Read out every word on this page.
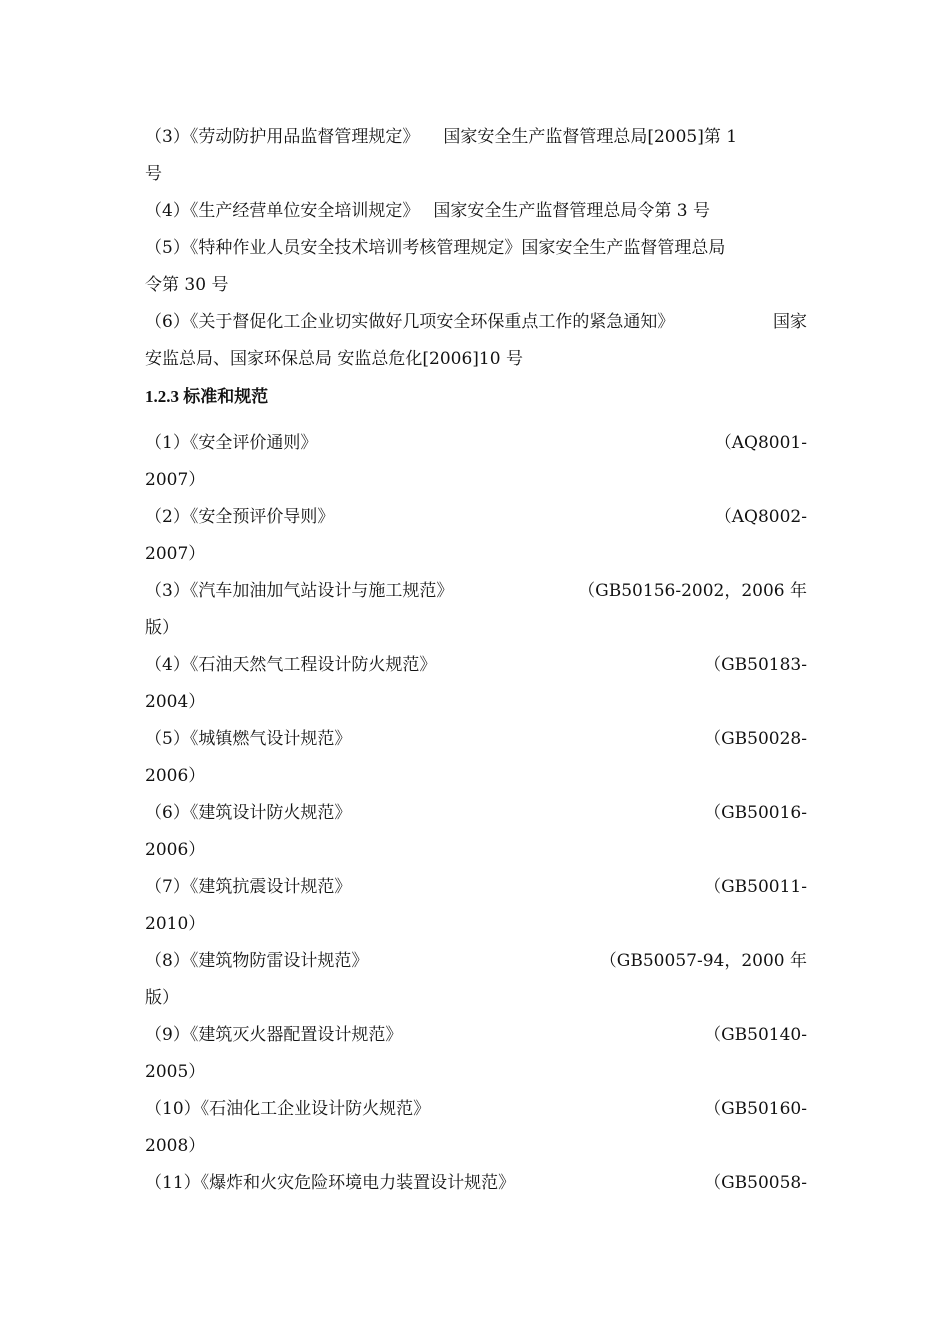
（3）《劳动防护用品监督管理规定》 国家安全生产监督管理总局[2005]第 1
号
（4）《生产经营单位安全培训规定》 国家安全生产监督管理总局令第 3 号
（5）《特种作业人员安全技术培训考核管理规定》国家安全生产监督管理总局
令第 30 号
（6）《关于督促化工企业切实做好几项安全环保重点工作的紧急通知》	国家
安监总局、国家环保总局 安监总危化[2006]10 号
1.2.3 标准和规范
（1）《安全评价通则》	（AQ8001-
2007）
（2）《安全预评价导则》	（AQ8002-
2007）
（3）《汽车加油加气站设计与施工规范》	（GB50156-2002，2006 年
版）
（4）《石油天然气工程设计防火规范》	（GB50183-
2004）
（5）《城镇燃气设计规范》	（GB50028-
2006）
（6）《建筑设计防火规范》	（GB50016-
2006）
（7）《建筑抗震设计规范》	（GB50011-
2010）
（8）《建筑物防雷设计规范》	（GB50057-94，2000 年
版）
（9）《建筑灭火器配置设计规范》	（GB50140-
2005）
（10）《石油化工企业设计防火规范》	（GB50160-
2008）
（11）《爆炸和火灾危险环境电力装置设计规范》	（GB50058-
